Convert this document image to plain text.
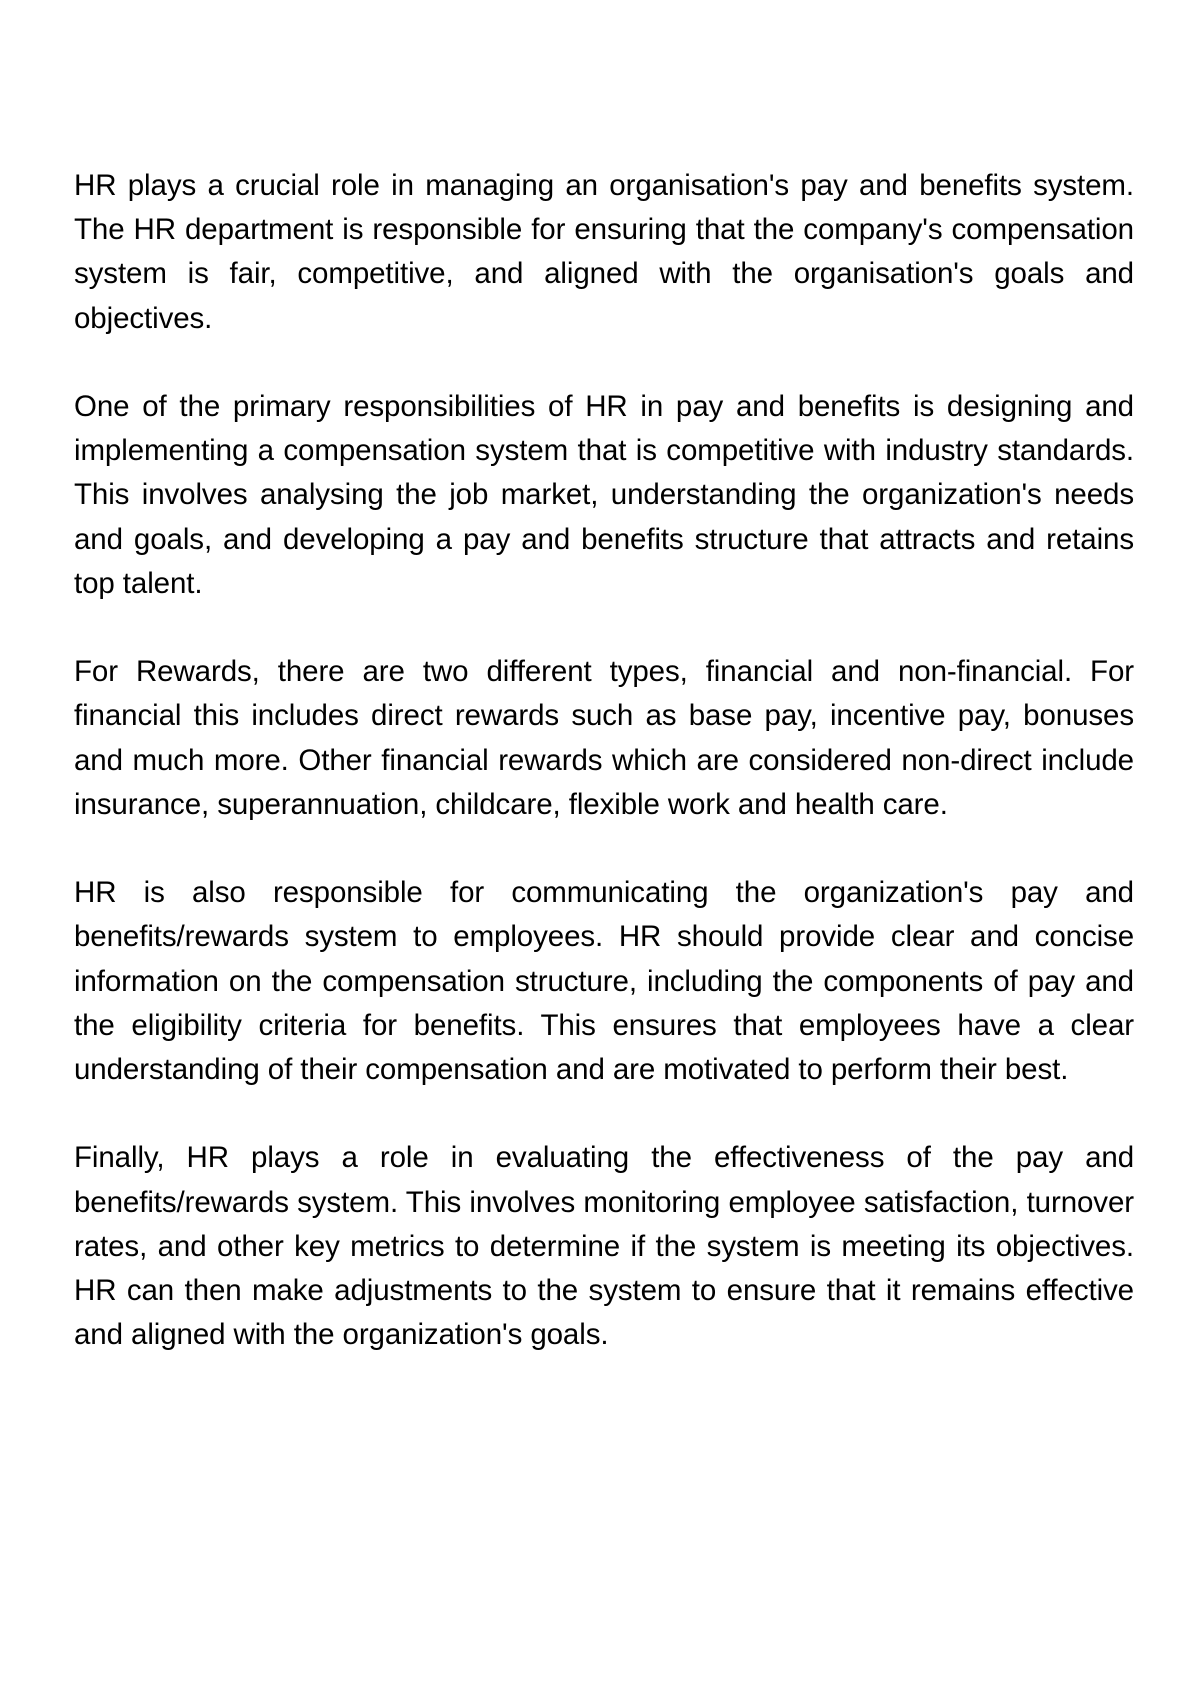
HR plays a crucial role in managing an organisation's pay and benefits system. The HR department is responsible for ensuring that the company's compensation system is fair, competitive, and aligned with the organisation's goals and objectives.

One of the primary responsibilities of HR in pay and benefits is designing and implementing a compensation system that is competitive with industry standards. This involves analysing the job market, understanding the organization's needs and goals, and developing a pay and benefits structure that attracts and retains top talent.

For Rewards, there are two different types, financial and non-financial. For financial this includes direct rewards such as base pay, incentive pay, bonuses and much more. Other financial rewards which are considered non-direct include insurance, superannuation, childcare, flexible work and health care.

HR is also responsible for communicating the organization's pay and benefits/rewards system to employees. HR should provide clear and concise information on the compensation structure, including the components of pay and the eligibility criteria for benefits. This ensures that employees have a clear understanding of their compensation and are motivated to perform their best.

Finally, HR plays a role in evaluating the effectiveness of the pay and benefits/rewards system. This involves monitoring employee satisfaction, turnover rates, and other key metrics to determine if the system is meeting its objectives. HR can then make adjustments to the system to ensure that it remains effective and aligned with the organization's goals.
